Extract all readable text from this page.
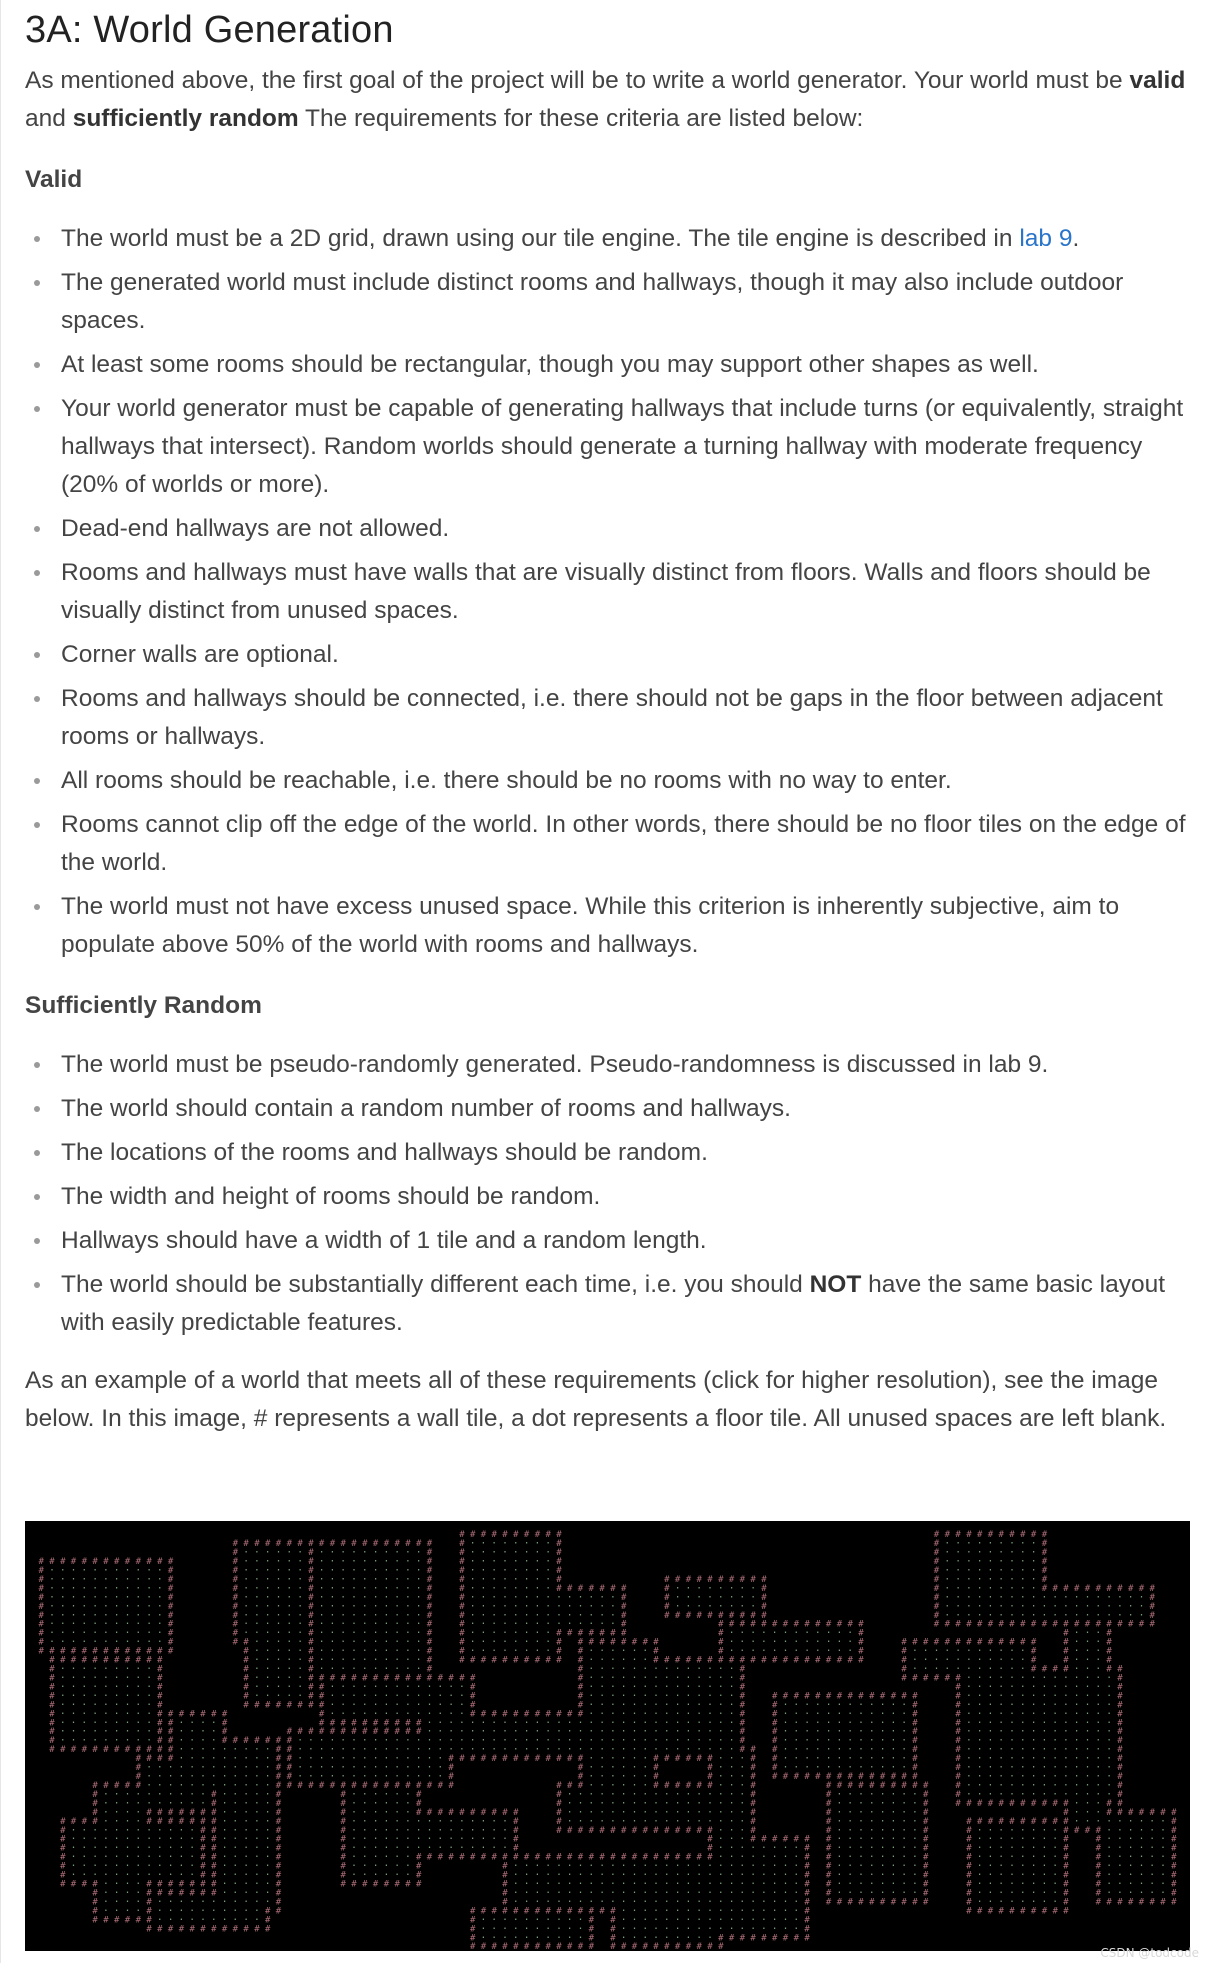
3A: World Generation

As mentioned above, the first goal of the project will be to write a world generator. Your world must be valid and sufficiently random The requirements for these criteria are listed below:

Valid
The world must be a 2D grid, drawn using our tile engine. The tile engine is described in lab 9.
The generated world must include distinct rooms and hallways, though it may also include outdoor spaces.
At least some rooms should be rectangular, though you may support other shapes as well.
Your world generator must be capable of generating hallways that include turns (or equivalently, straight hallways that intersect). Random worlds should generate a turning hallway with moderate frequency (20% of worlds or more).
Dead-end hallways are not allowed.
Rooms and hallways must have walls that are visually distinct from floors. Walls and floors should be visually distinct from unused spaces.
Corner walls are optional.
Rooms and hallways should be connected, i.e. there should not be gaps in the floor between adjacent rooms or hallways.
All rooms should be reachable, i.e. there should be no rooms with no way to enter.
Rooms cannot clip off the edge of the world. In other words, there should be no floor tiles on the edge of the world.
The world must not have excess unused space. While this criterion is inherently subjective, aim to populate above 50% of the world with rooms and hallways.
Sufficiently Random
The world must be pseudo-randomly generated. Pseudo-randomness is discussed in lab 9.
The world should contain a random number of rooms and hallways.
The locations of the rooms and hallways should be random.
The width and height of rooms should be random.
Hallways should have a width of 1 tile and a random length.
The world should be substantially different each time, i.e. you should NOT have the same basic layout with easily predictable features.

As an example of a world that meets all of these requirements (click for higher resolution), see the image below. In this image, # represents a wall tile, a dot represents a floor tile. All unused spaces are left blank.

# # # # # # # # # #	# # # # # # # # # # #
# # # # # # # # # # # # # # # # # # #	# · · · · · · · · #	# · · · · · · · · · #
# · · · · · · # · · · · · · · · · · #	# · · · · · · · · #	# · · · · · · · · · #
# # # # # # # # # # # # #	# · · · · · · # · · · · · · · · · · #	# · · · · · · · · #	# · · · · · · · · · #
# · · · · · · · · · · · #	# · · · · · · # · · · · · · · · · · #	# · · · · · · · · #	# · · · · · · · · · #
# · · · · · · · · · · · #	# · · · · · · # · · · · · · · · · · #	# · · · · · · · · #	# # # # # # # # # #	# · · · · · · · · · #
# · · · · · · · · · · · #	# · · · · · · # · · · · · · · · · · #	# · · · · · · · · # # # # # # #	# · · · · · · · · #	# · · · · · · · · · # # # # # # # # # # #
# · · · · · · · · · · · #	# · · · · · · # · · · · · · · · · · #	# · · · · · · · · · · · · · · #	# · · · · · · · · #	# · · · · · · · · · · · · · · · · · · · #
# · · · · · · · · · · · #	# · · · · · · # · · · · · · · · · · #	# · · · · · · · · · · · · · · #	# · · · · · · · · #	# · · · · · · · · · · · · · · · · · · · #
# · · · · · · · · · · · #	# · · · · · · # · · · · · · · · · · #	# · · · · · · · · · · · · · · #	# # # # # # # # # #	# · · · · · · · · · · · · · · · · · · · #
# · · · · · · · · · · · #	# · · · · · · # · · · · · · · · · · #	# · · · · · · · · · · · · · · #	# # # # # # # # # # # # # #	# # # # # # # # # # # # # # # # # # # # #
# · · · · · · · · · · · #	# · · · · · · # · · · · · · · · · · #	# · · · · · · · · # # # # # # #	# · · · · · · · · · · · · #	# · · · #
# · · · · · · · · · · · #	# # · · · · · # · · · · · · · · · · #	# · · · · · · · · # # # # # # # # #	# · · · · · · · · · · · · #	# # # # # # # # # # # # #	# · · · #
# # # # # # # # # # # # #	# · · · · · # · · · · · · · · · · #	# · · · · · · · · # # · · · · · · #	# · · · · · · · · · · · · #	# · · · · · · · · · · · #	# · · · #
# # # # # # # # # # #	# · · · · · # · · · · · · · · · · #	# # # # # # # # # # # · · · · · · # # # # # # # # # # # # # # # # # # # #	# · · · · · · · · · · · #	# · · · #
# · · · · · · · · · #	# · · · · · # · · · · · · · · · · #	# · · · · · · · · · · · · · · #	# · · · · · · · · · · · # # # # · · · # #
# · · · · · · · · · #	# · · · · · # # # # # # # # # # # # # # # #	# · · · · · · · · · · · · · · #	# # # # # # · · · · · · · · · · · · · · #
# · · · · · · · · · #	# · · · · · # # · · · · · · · · · · · · · #	# · · · · · · · · · · · · · · #	# · · · · · · · · · · · · · · #
# · · · · · · · · · #	# · · · · · # # · · · · · · · · · · · · · #	# · · · · · · · · · · · · · · #	# # # # # # # # # # # # # #	# · · · · · · · · · · · · · · #
# · · · · · · · · · #	# # # # # # # # · · · · · · · · · · · · · #	# · · · · · · · · · · · · · · #	# · · · · · · · · · · · · #	# · · · · · · · · · · · · · · #
# · · · · · · · · · # # # # # # #	# · · · · · · · · · · · · · # # # # # # # # # # # · · · · · · · · · · · · · · #	# · · · · · · · · · · · · #	# · · · · · · · · · · · · · · #
# · · · · · · · · · # # · · · · #	# # # # # # # # # # · · · · · · · · · · · · · · · · · · · · · · · · · · · · · #	# · · · · · · · · · · · · #	# · · · · · · · · · · · · · · #
# · · · · · · · · · # # · · · · #	# # # # # # # # # # # # # · · · · · · · · · · · · · · · · · · · · · · · · · · · · · #	# · · · · · · · · · · · · #	# · · · · · · · · · · · · · · #
# · · · · · · · · · # # · · · · # # # # # # # · · · · · · · · · · · · · · · · · · · · · · · · · · · · · · · · · · · · · · · · · #	# · · · · · · · · · · · · #	# · · · · · · · · · · · · · · #
# # # # # # # # # # # # · · · · · · · · · # # · · · · · · · · · · · · · · · · · · · · · · · · · · · · · · · · · · · · · · · · · # # # · · · · · · · · · · · · #	# · · · · · · · · · · · · · · #
# # # # · · · · · · · · · # # · · · · · · · · · · · · · · # # # # # # # # # # # # # · · · · · · # # # # # # · · · # # · · · · · · · · · · · · #	# · · · · · · · · · · · · · · #
# · · · · · · · · · · · · # # · · · · · · · · · · · · · · #	# · · · · · · #	# · · · # # · · · · · · · · · · · · #	# · · · · · · · · · · · · · · #
# · · · · · · · · · · · · # # · · · · · · · · · · · · · · #	# · · · · · · #	# · · · # # # # # # # # # # # # # # #	# · · · · · · · · · · · · · · #
# # # # # · · · · · · · · · · · · # # # # # # # # # # # # # # # # #	# # # · · · · · · # # # # # # · · · #	# # # # # # # # # #	# · · · · · · · · · · · · · · #
# · · · · · · · · · · # · · · · · #	# · · · · · · #	# · · · · · · · · · · · · · · · · · #	# · · · · · · · · #	# · · · · · · · · · · · · · · #
# · · · · · · · · · · # · · · · · #	# · · · · · · #	# · · · · · · · · · · · · · · · · · #	# · · · · · · · · #	# # # # # # # # # # # · · · # #
# · · · · # # # # # # # · · · · · #	# · · · · · · # # # # # # # # # #	# · · · · · · · · · · · · · · · · · #	# · · · · · · · · #	# · · · # # # # # # #
# # # # · · · · # # # # # # # · · · · · #	# · · · · · · · · · · · · · · · #	# · · · · · · · · · · · · · · · · · #	# · · · · · · · · #	# # # # # # # # # # · · · · · · · · · #
# · · · · · · · · · · · · # # · · · · · #	# · · · · · · · · · · · · · · · #	# # # # # # # # # # # # # # # · · · #	# · · · · · · · · #	# · · · · · · · · # # # # · · · · · · #
# · · · · · · · · · · · · # # · · · · · #	# · · · · · · · · · · · · · · · #	# · · · # # # # # # # · · · · · · · · #	# · · · · · · · · #	# · · · · · · #
# · · · · · · · · · · · · # # · · · · · #	# · · · · · · · · · · · · · · · #	# · · · · · · · · # # · · · · · · · · #	# · · · · · · · · #	# · · · · · · #
# · · · · · · · · · · · · # # · · · · · #	# · · · · · · # # # # # # # # # # # # # # # # # # # # # # # # # # # # · · · · · · · · # # · · · · · · · · #	# · · · · · · · · #	# · · · · · · #
# · · · · · · · · · · · · # # · · · · · #	# · · · · · · #	# · · · · · · · · · · · · · · · · · · · · · · · · · · · # # · · · · · · · · #	# · · · · · · · · #	# · · · · · · #
# · · · · · · · · · · · · # # · · · · · #	# · · · · · · #	# · · · · · · · · · · · · · · · · · · · · · · · · · · · # # · · · · · · · · #	# · · · · · · · · #	# · · · · · · #
# # # # · · · · # # # # # # # · · · · · #	# # # # # # # #	# · · · · · · · · · · · · · · · · · · · · · · · · · · · # # · · · · · · · · #	# · · · · · · · · #	# · · · · · · #
# · · · · # # # # # # # · · · · · #	# · · · · · · · · · · · · · · · · · · · · · · · · · · · # # · · · · · · · · #	# · · · · · · · · #	# · · · · · · #
# · · · · # · · · · · · · · · · · #	# · · · · · · · · · · · · · · · · · · · · · · · · · · · # # # # # # # # # # #	# · · · · · · · · #	# # # # # # # #
# · · · · # · · · · · · · · · · # #	# # # # # # # # # # # # # # · · · · · · · · · · · · · · · · · #	# # # # # # # # # #
# # # # # # · · · · · · · · · · #	# · · · · · · · · · · # # · · · · · · · · · · · · · · · · · #
# # # # # # # # # # # #	# · · · · · · · · · · # # · · · · · · · · · · · · · · · · · #
# · · · · · · · · · · # # · · · · · · · · · # # # # # # # # #
# # # # # # # # # # # # # # # # # # # # # # #	CSDN @todcode
